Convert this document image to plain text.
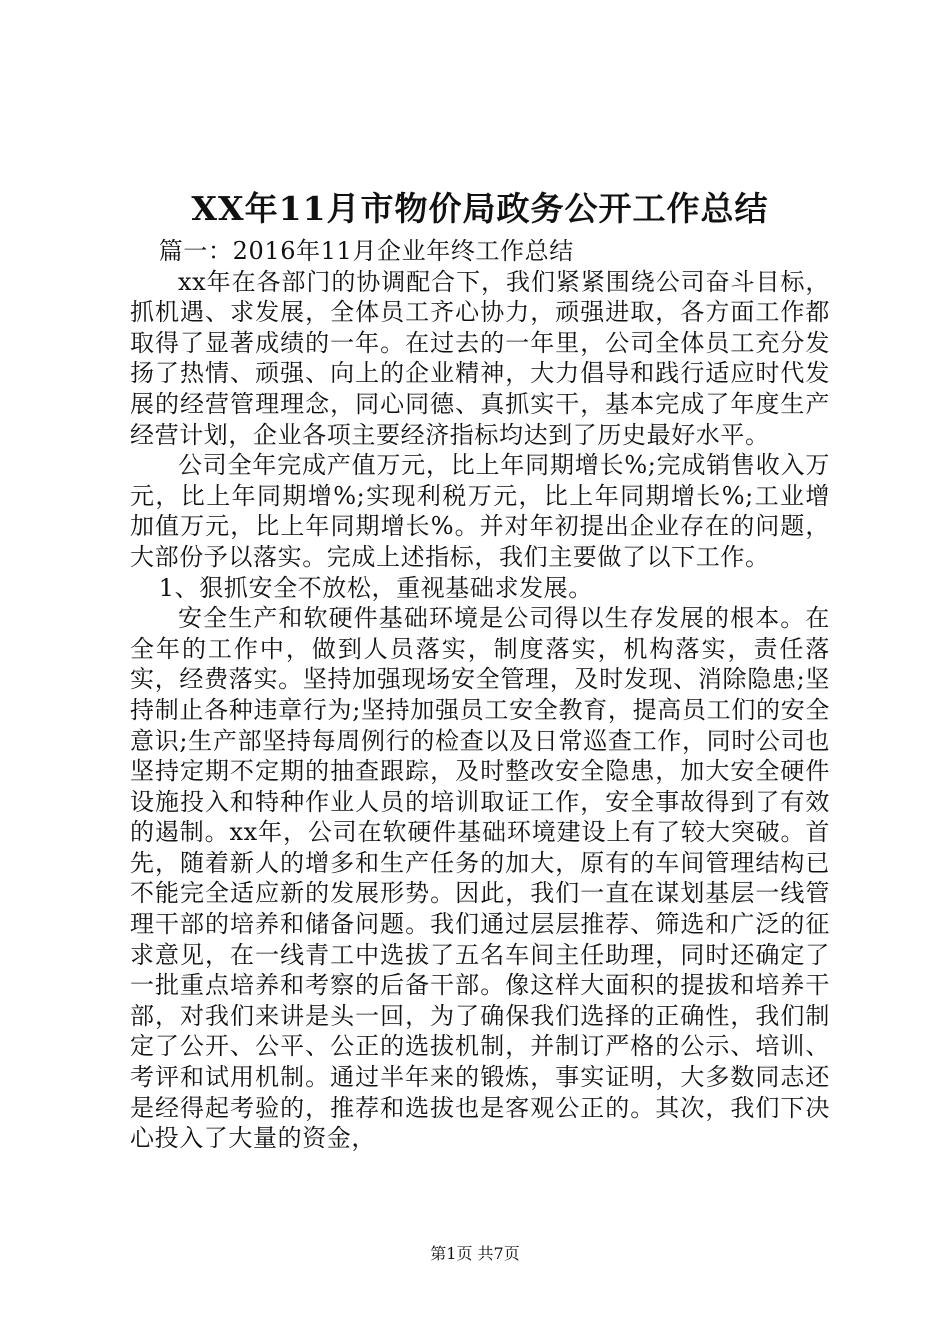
XX年11月市物价局政务公开工作总结

篇一：2016年11月企业年终工作总结

xx年在各部门的协调配合下，我们紧紧围绕公司奋斗目标，抓机遇、求发展，全体员工齐心协力，顽强进取，各方面工作都取得了显著成绩的一年。在过去的一年里，公司全体员工充分发扬了热情、顽强、向上的企业精神，大力倡导和践行适应时代发展的经营管理理念，同心同德、真抓实干，基本完成了年度生产经营计划，企业各项主要经济指标均达到了历史最好水平。

公司全年完成产值万元，比上年同期增长%;完成销售收入万元，比上年同期增%;实现利税万元，比上年同期增长%;工业增加值万元，比上年同期增长%。并对年初提出企业存在的问题，大部份予以落实。完成上述指标，我们主要做了以下工作。

1、狠抓安全不放松，重视基础求发展。

安全生产和软硬件基础环境是公司得以生存发展的根本。在全年的工作中，做到人员落实，制度落实，机构落实，责任落实，经费落实。坚持加强现场安全管理，及时发现、消除隐患;坚持制止各种违章行为;坚持加强员工安全教育，提高员工们的安全意识;生产部坚持每周例行的检查以及日常巡查工作，同时公司也坚持定期不定期的抽查跟踪，及时整改安全隐患，加大安全硬件设施投入和特种作业人员的培训取证工作，安全事故得到了有效的遏制。xx年，公司在软硬件基础环境建设上有了较大突破。首先，随着新人的增多和生产任务的加大，原有的车间管理结构已不能完全适应新的发展形势。因此，我们一直在谋划基层一线管理干部的培养和储备问题。我们通过层层推荐、筛选和广泛的征求意见，在一线青工中选拔了五名车间主任助理，同时还确定了一批重点培养和考察的后备干部。像这样大面积的提拔和培养干部，对我们来讲是头一回，为了确保我们选择的正确性，我们制定了公开、公平、公正的选拔机制，并制订严格的公示、培训、考评和试用机制。通过半年来的锻炼，事实证明，大多数同志还是经得起考验的，推荐和选拔也是客观公正的。其次，我们下决心投入了大量的资金，

第1页 共7页
